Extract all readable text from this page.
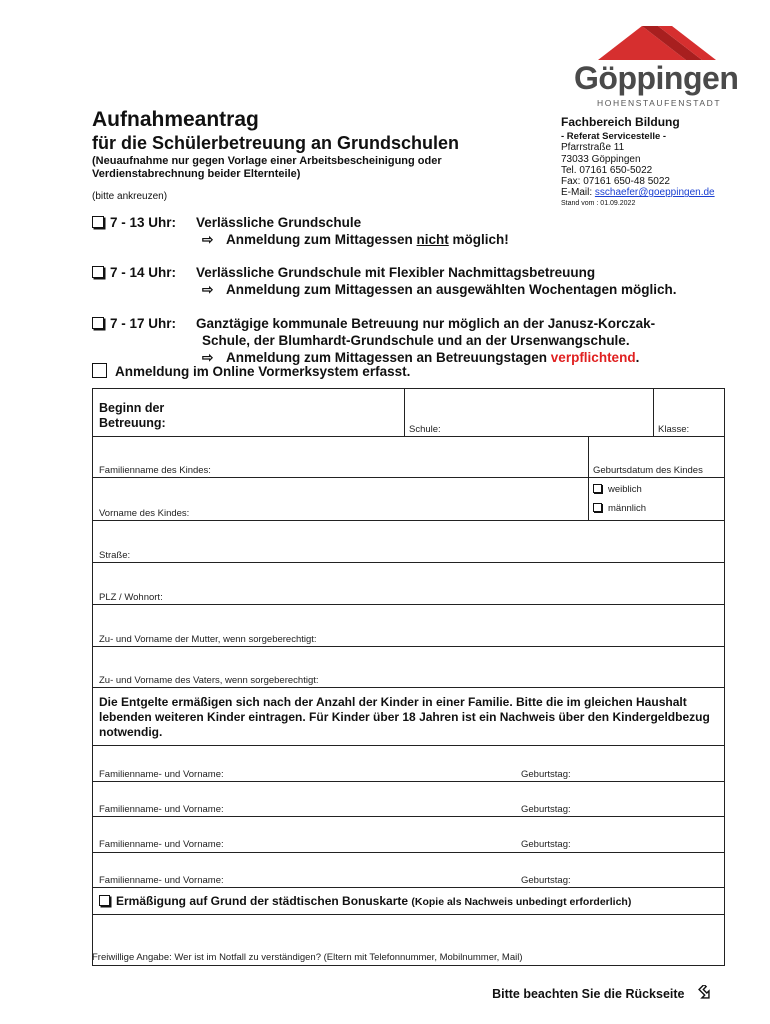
Göppingen
HOHENSTAUFENSTADT
Aufnahmeantrag
für die Schülerbetreuung an Grundschulen
(Neuaufnahme nur gegen Vorlage einer Arbeitsbescheinigung oder Verdienstabrechnung beider Elternteile)
(bitte ankreuzen)
Fachbereich Bildung
- Referat Servicestelle -
Pfarrstraße 11
73033 Göppingen
Tel. 07161 650-5022
Fax: 07161 650-48 5022
E-Mail: sschaefer@goeppingen.de
Stand vom : 01.09.2022
7 - 13 Uhr: Verlässliche Grundschule
⇨ Anmeldung zum Mittagessen nicht möglich!
7 - 14 Uhr: Verlässliche Grundschule mit Flexibler Nachmittagsbetreuung
⇨ Anmeldung zum Mittagessen an ausgewählten Wochentagen möglich.
7 - 17 Uhr: Ganztägige kommunale Betreuung nur möglich an der Janusz-Korczak-
Schule, der Blumhardt-Grundschule und an der Ursenwangschule.
⇨ Anmeldung zum Mittagessen an Betreuungstagen verpflichtend.
Anmeldung im Online Vormerksystem erfasst.
Beginn der
Betreuung:	Schule:	Klasse:
Familienname des Kindes:	Geburtsdatum des Kindes
Vorname des Kindes:
weiblich
männlich
Straße:
PLZ / Wohnort:
Zu- und Vorname der Mutter, wenn sorgeberechtigt:
Zu- und Vorname des Vaters, wenn sorgeberechtigt:
Die Entgelte ermäßigen sich nach der Anzahl der Kinder in einer Familie. Bitte die im gleichen Haushalt lebenden weiteren Kinder eintragen. Für Kinder über 18 Jahren ist ein Nachweis über den Kindergeldbezug notwendig.
Familienname- und Vorname:	Geburtstag:
Familienname- und Vorname:	Geburtstag:
Familienname- und Vorname:	Geburtstag:
Familienname- und Vorname:	Geburtstag:
Ermäßigung auf Grund der städtischen Bonuskarte (Kopie als Nachweis unbedingt erforderlich)
Freiwillige Angabe: Wer ist im Notfall zu verständigen? (Eltern mit Telefonnummer, Mobilnummer, Mail)
Bitte beachten Sie die Rückseite
